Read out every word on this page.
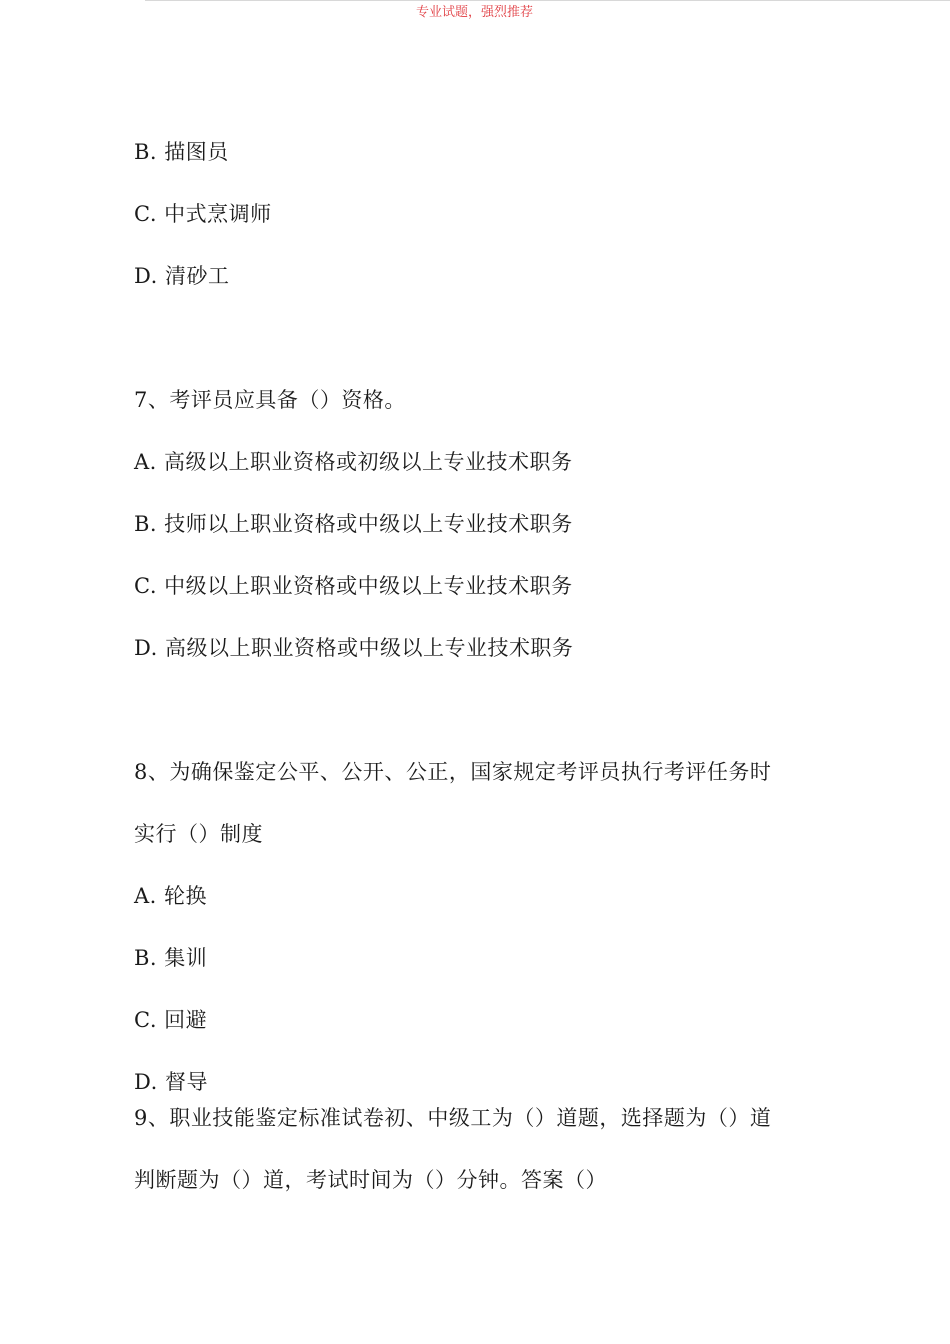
专业试题，强烈推荐
B. 描图员
C. 中式烹调师
D. 清砂工
7、考评员应具备（）资格。
A. 高级以上职业资格或初级以上专业技术职务
B. 技师以上职业资格或中级以上专业技术职务
C. 中级以上职业资格或中级以上专业技术职务
D. 高级以上职业资格或中级以上专业技术职务
8、为确保鉴定公平、公开、公正，国家规定考评员执行考评任务时
实行（）制度
A. 轮换
B. 集训
C. 回避
D. 督导
9、职业技能鉴定标准试卷初、中级工为（）道题，选择题为（）道
判断题为（）道，考试时间为（）分钟。答案（）
